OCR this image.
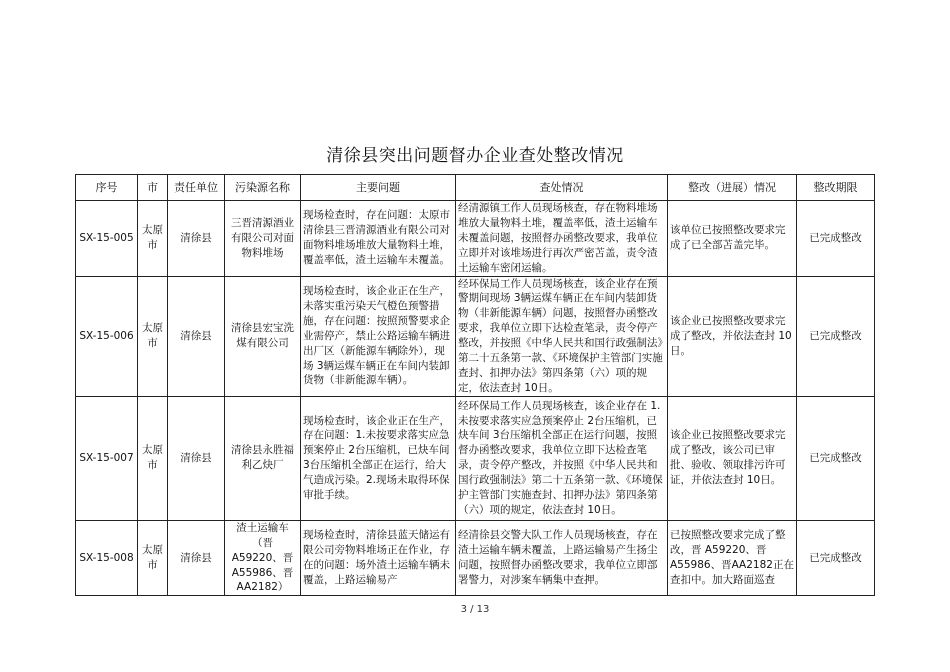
清徐县突出问题督办企业查处整改情况
序号	市	责任单位	污染源名称	主要问题	查处情况	整改（进展）情况	整改期限
SX-15-005	太原市	清徐县	三晋清源酒业有限公司对面物料堆场	现场检查时，存在问题：太原市清徐县三晋清源酒业有限公司对面物料堆场堆放大量物料土堆，覆盖率低，渣土运输车未覆盖。	经清源镇工作人员现场核查，存在物料堆场堆放大量物料土堆，覆盖率低，渣土运输车未覆盖问题，按照督办函整改要求，我单位立即并对该堆场进行再次严密苫盖，责令渣土运输车密闭运输。	该单位已按照整改要求完成了已全部苫盖完毕。	已完成整改
SX-15-006	太原市	清徐县	清徐县宏宝洗煤有限公司	现场检查时，该企业正在生产，未落实重污染天气橙色预警措施，存在问题：按照预警要求企业需停产，禁止公路运输车辆进出厂区（新能源车辆除外），现场 3辆运煤车辆正在车间内装卸货物（非新能源车辆）。	经环保局工作人员现场核查，该企业存在预警期间现场 3辆运煤车辆正在车间内装卸货物（非新能源车辆）问题，按照督办函整改要求，我单位立即下达检查笔录，责令停产整改，并按照《中华人民共和国行政强制法》第二十五条第一款、《环境保护主管部门实施查封、扣押办法》第四条第（六）项的规定，依法查封 10日。	该企业已按照整改要求完成了整改，并依法查封 10日。	已完成整改
SX-15-007	太原市	清徐县	清徐县永胜福利乙炔厂	现场检查时，该企业正在生产，存在问题：1.未按要求落实应急预案停止 2台压缩机，已炔车间 3台压缩机全部正在运行，给大气造成污染。2.现场未取得环保审批手续。	经环保局工作人员现场核查，该企业存在 1.未按要求落实应急预案停止 2台压缩机，已炔车间 3台压缩机全部正在运行问题，按照督办函整改要求，我单位立即下达检查笔录，责令停产整改，并按照《中华人民共和国行政强制法》第二十五条第一款、《环境保护主管部门实施查封、扣押办法》第四条第（六）项的规定，依法查封 10日。	该企业已按照整改要求完成了整改，该公司已审批、验收、领取排污许可证，并依法查封 10日。	已完成整改
SX-15-008	太原市	清徐县	渣土运输车（晋A59220、晋A55986、晋AA2182）	现场检查时，清徐县蓝天储运有限公司旁物料堆场正在作业，存在的问题：场外渣土运输车辆未覆盖，上路运输易产	经清徐县交警大队工作人员现场核查，存在渣土运输车辆未覆盖，上路运输易产生扬尘问题，按照督办函整改要求，我单位立即部署警力，对涉案车辆集中查押。	已按照整改要求完成了整改，晋 A59220、晋A55986、晋AA2182正在查扣中。加大路面巡查	已完成整改
3 / 13
